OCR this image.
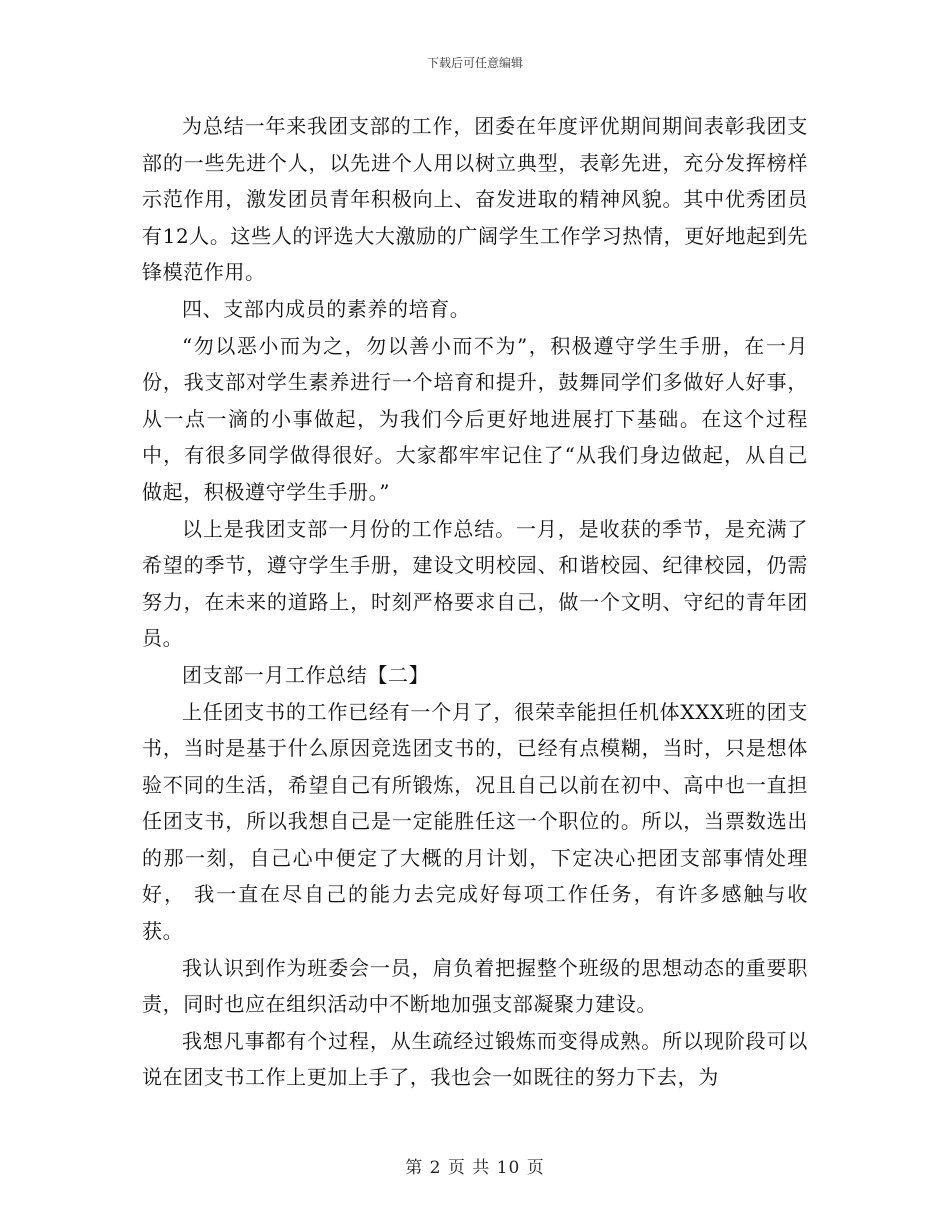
下载后可任意编辑

为总结一年来我团支部的工作，团委在年度评优期间期间表彰我团支部的一些先进个人，以先进个人用以树立典型，表彰先进，充分发挥榜样示范作用，激发团员青年积极向上、奋发进取的精神风貌。其中优秀团员有12人。这些人的评选大大激励的广阔学生工作学习热情，更好地起到先锋模范作用。

四、支部内成员的素养的培育。

“勿以恶小而为之，勿以善小而不为”，积极遵守学生手册，在一月份，我支部对学生素养进行一个培育和提升，鼓舞同学们多做好人好事，从一点一滴的小事做起，为我们今后更好地进展打下基础。在这个过程中，有很多同学做得很好。大家都牢牢记住了“从我们身边做起，从自己做起，积极遵守学生手册。”

以上是我团支部一月份的工作总结。一月，是收获的季节，是充满了希望的季节，遵守学生手册，建设文明校园、和谐校园、纪律校园，仍需努力，在未来的道路上，时刻严格要求自己，做一个文明、守纪的青年团员。

团支部一月工作总结【二】

上任团支书的工作已经有一个月了，很荣幸能担任机体XXX班的团支书，当时是基于什么原因竞选团支书的，已经有点模糊，当时，只是想体验不同的生活，希望自己有所锻炼，况且自己以前在初中、高中也一直担任团支书，所以我想自己是一定能胜任这一个职位的。所以，当票数选出的那一刻，自己心中便定了大概的月计划，下定决心把团支部事情处理好， 我一直在尽自己的能力去完成好每项工作任务，有许多感触与收获。

我认识到作为班委会一员，肩负着把握整个班级的思想动态的重要职责，同时也应在组织活动中不断地加强支部凝聚力建设。

我想凡事都有个过程，从生疏经过锻炼而变得成熟。所以现阶段可以说在团支书工作上更加上手了，我也会一如既往的努力下去，为

第 2 页 共 10 页
